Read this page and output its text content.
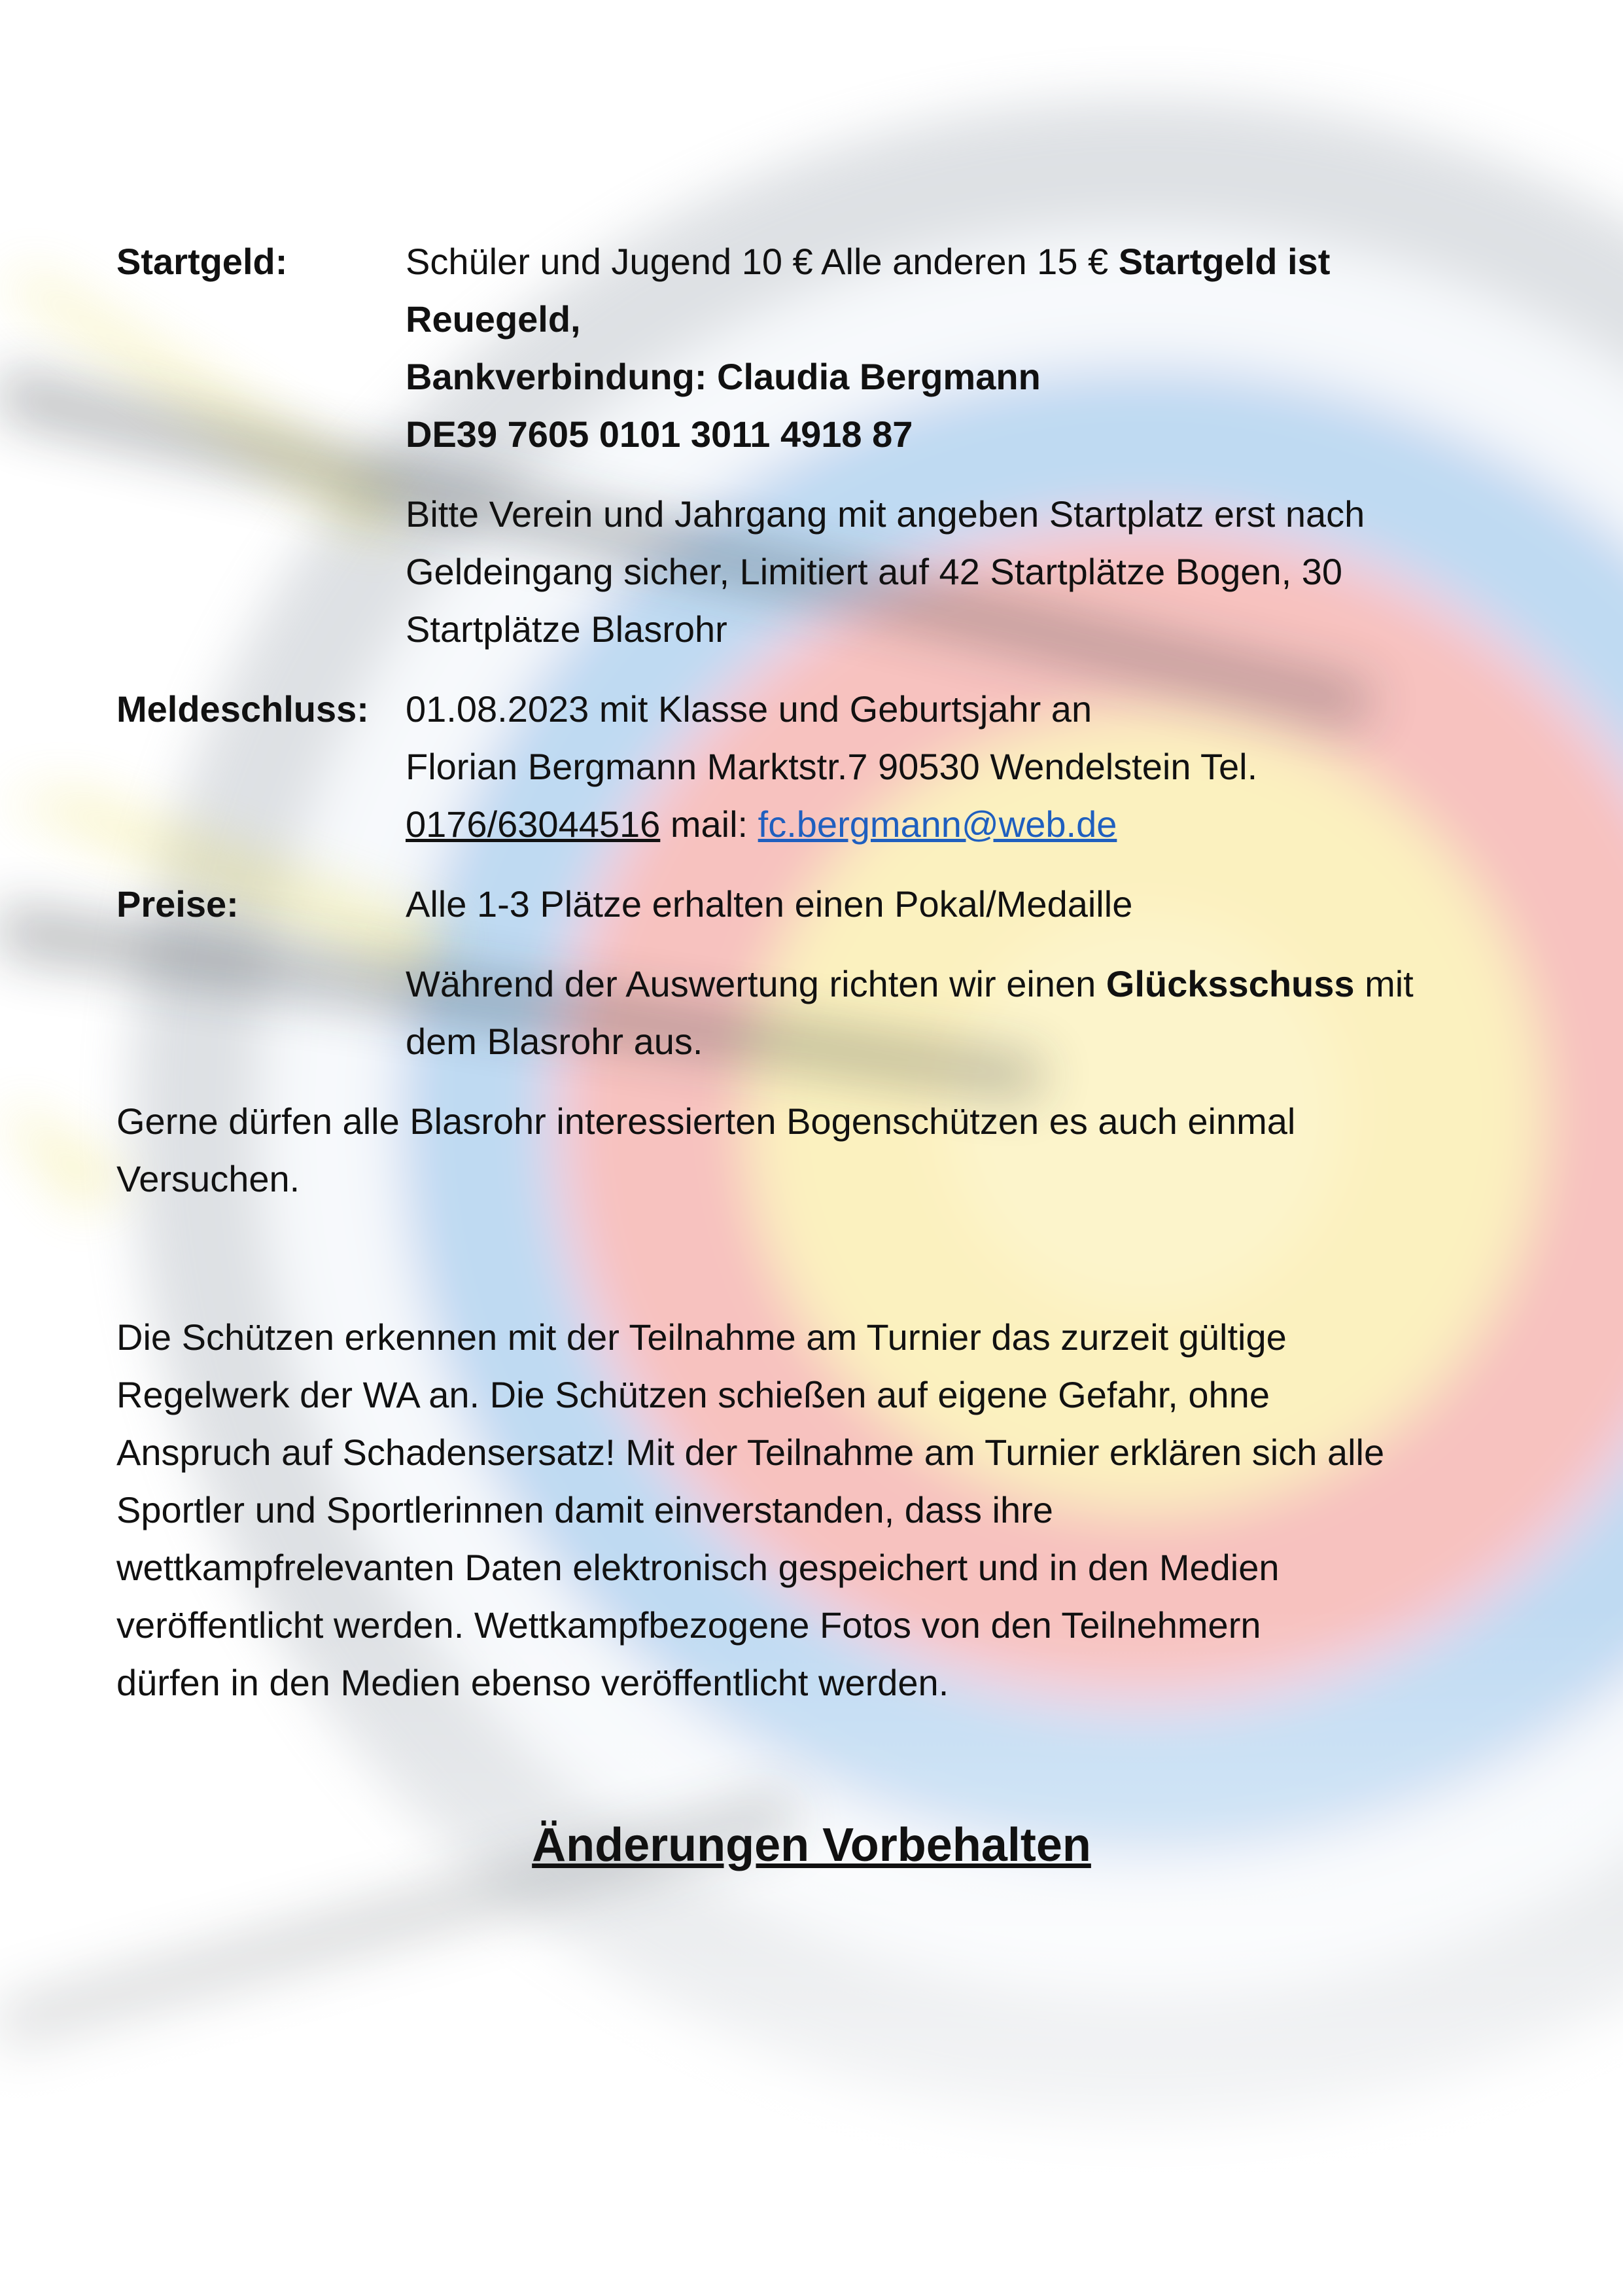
Startgeld:	Schüler und Jugend 10 € Alle anderen 15 € Startgeld ist
Reuegeld,
Bankverbindung: Claudia Bergmann
DE39 7605 0101 3011 4918 87
Bitte Verein und Jahrgang mit angeben Startplatz erst nach
Geldeingang sicher, Limitiert auf 42 Startplätze Bogen, 30
Startplätze Blasrohr
Meldeschluss: 01.08.2023 mit Klasse und Geburtsjahr an
Florian Bergmann Marktstr.7 90530 Wendelstein Tel.
0176/63044516 mail: fc.bergmann@web.de
Preise:	Alle 1-3 Plätze erhalten einen Pokal/Medaille
Während der Auswertung richten wir einen Glücksschuss mit
dem Blasrohr aus.
Gerne dürfen alle Blasrohr interessierten Bogenschützen es auch einmal
Versuchen.
Die Schützen erkennen mit der Teilnahme am Turnier das zurzeit gültige
Regelwerk der WA an. Die Schützen schießen auf eigene Gefahr, ohne
Anspruch auf Schadensersatz! Mit der Teilnahme am Turnier erklären sich alle
Sportler und Sportlerinnen damit einverstanden, dass ihre
wettkampfrelevanten Daten elektronisch gespeichert und in den Medien
veröffentlicht werden. Wettkampfbezogene Fotos von den Teilnehmern
dürfen in den Medien ebenso veröffentlicht werden.
Änderungen Vorbehalten
